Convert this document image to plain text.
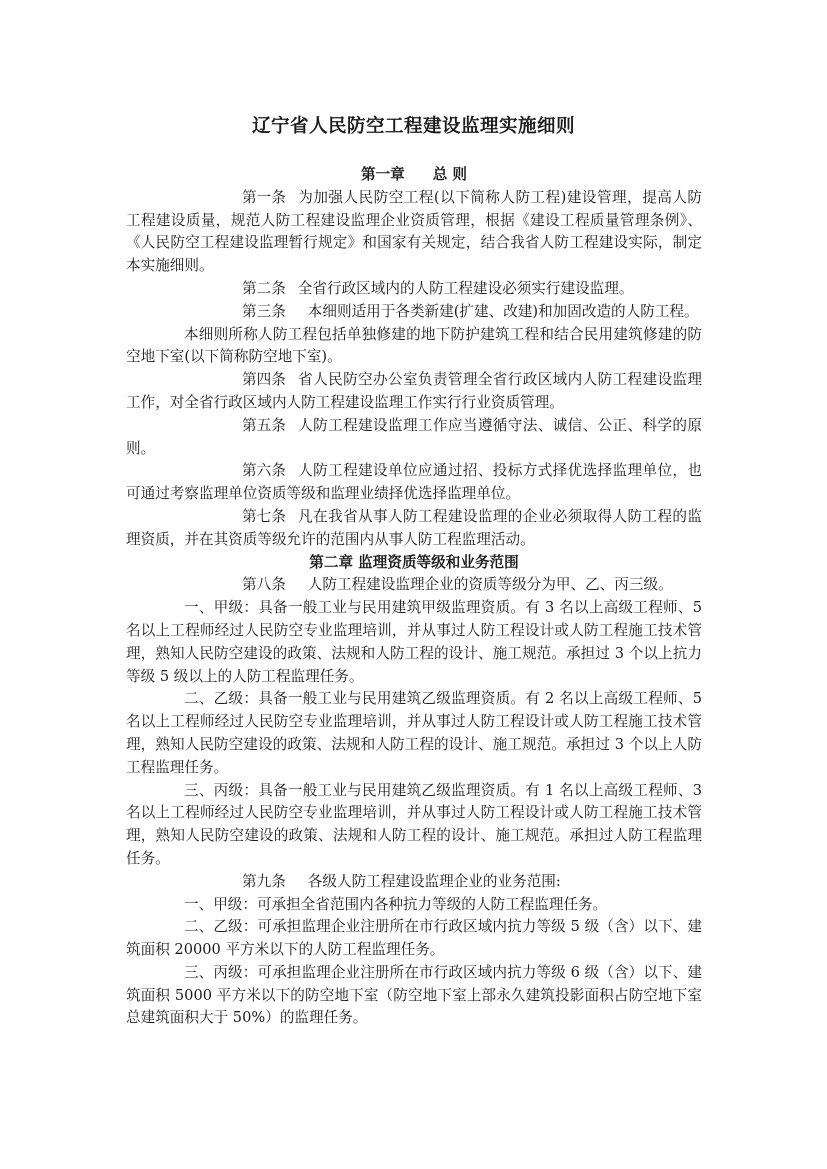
辽宁省人民防空工程建设监理实施细则
第一章 总 则

第一条 为加强人民防空工程(以下简称人防工程)建设管理，提高人防工程建设质量，规范人防工程建设监理企业资质管理，根据《建设工程质量管理条例》、《人民防空工程建设监理暂行规定》和国家有关规定，结合我省人防工程建设实际，制定本实施细则。

第二条 全省行政区域内的人防工程建设必须实行建设监理。

第三条 本细则适用于各类新建(扩建、改建)和加固改造的人防工程。

本细则所称人防工程包括单独修建的地下防护建筑工程和结合民用建筑修建的防空地下室(以下简称防空地下室)。

第四条 省人民防空办公室负责管理全省行政区域内人防工程建设监理工作，对全省行政区域内人防工程建设监理工作实行行业资质管理。

第五条 人防工程建设监理工作应当遵循守法、诚信、公正、科学的原则。

第六条 人防工程建设单位应通过招、投标方式择优选择监理单位，也可通过考察监理单位资质等级和监理业绩择优选择监理单位。

第七条 凡在我省从事人防工程建设监理的企业必须取得人防工程的监理资质，并在其资质等级允许的范围内从事人防工程监理活动。

第二章 监理资质等级和业务范围

第八条 人防工程建设监理企业的资质等级分为甲、乙、丙三级。

一、甲级：具备一般工业与民用建筑甲级监理资质。有 3 名以上高级工程师、5 名以上工程师经过人民防空专业监理培训，并从事过人防工程设计或人防工程施工技术管理，熟知人民防空建设的政策、法规和人防工程的设计、施工规范。承担过 3 个以上抗力等级 5 级以上的人防工程监理任务。

二、乙级：具备一般工业与民用建筑乙级监理资质。有 2 名以上高级工程师、5 名以上工程师经过人民防空专业监理培训，并从事过人防工程设计或人防工程施工技术管理，熟知人民防空建设的政策、法规和人防工程的设计、施工规范。承担过 3 个以上人防工程监理任务。

三、丙级：具备一般工业与民用建筑乙级监理资质。有 1 名以上高级工程师、3 名以上工程师经过人民防空专业监理培训，并从事过人防工程设计或人防工程施工技术管理，熟知人民防空建设的政策、法规和人防工程的设计、施工规范。承担过人防工程监理任务。

第九条 各级人防工程建设监理企业的业务范围:

一、甲级：可承担全省范围内各种抗力等级的人防工程监理任务。

二、乙级：可承担监理企业注册所在市行政区域内抗力等级 5 级（含）以下、建筑面积 20000 平方米以下的人防工程监理任务。

三、丙级：可承担监理企业注册所在市行政区域内抗力等级 6 级（含）以下、建筑面积 5000 平方米以下的防空地下室（防空地下室上部永久建筑投影面积占防空地下室总建筑面积大于 50%）的监理任务。
